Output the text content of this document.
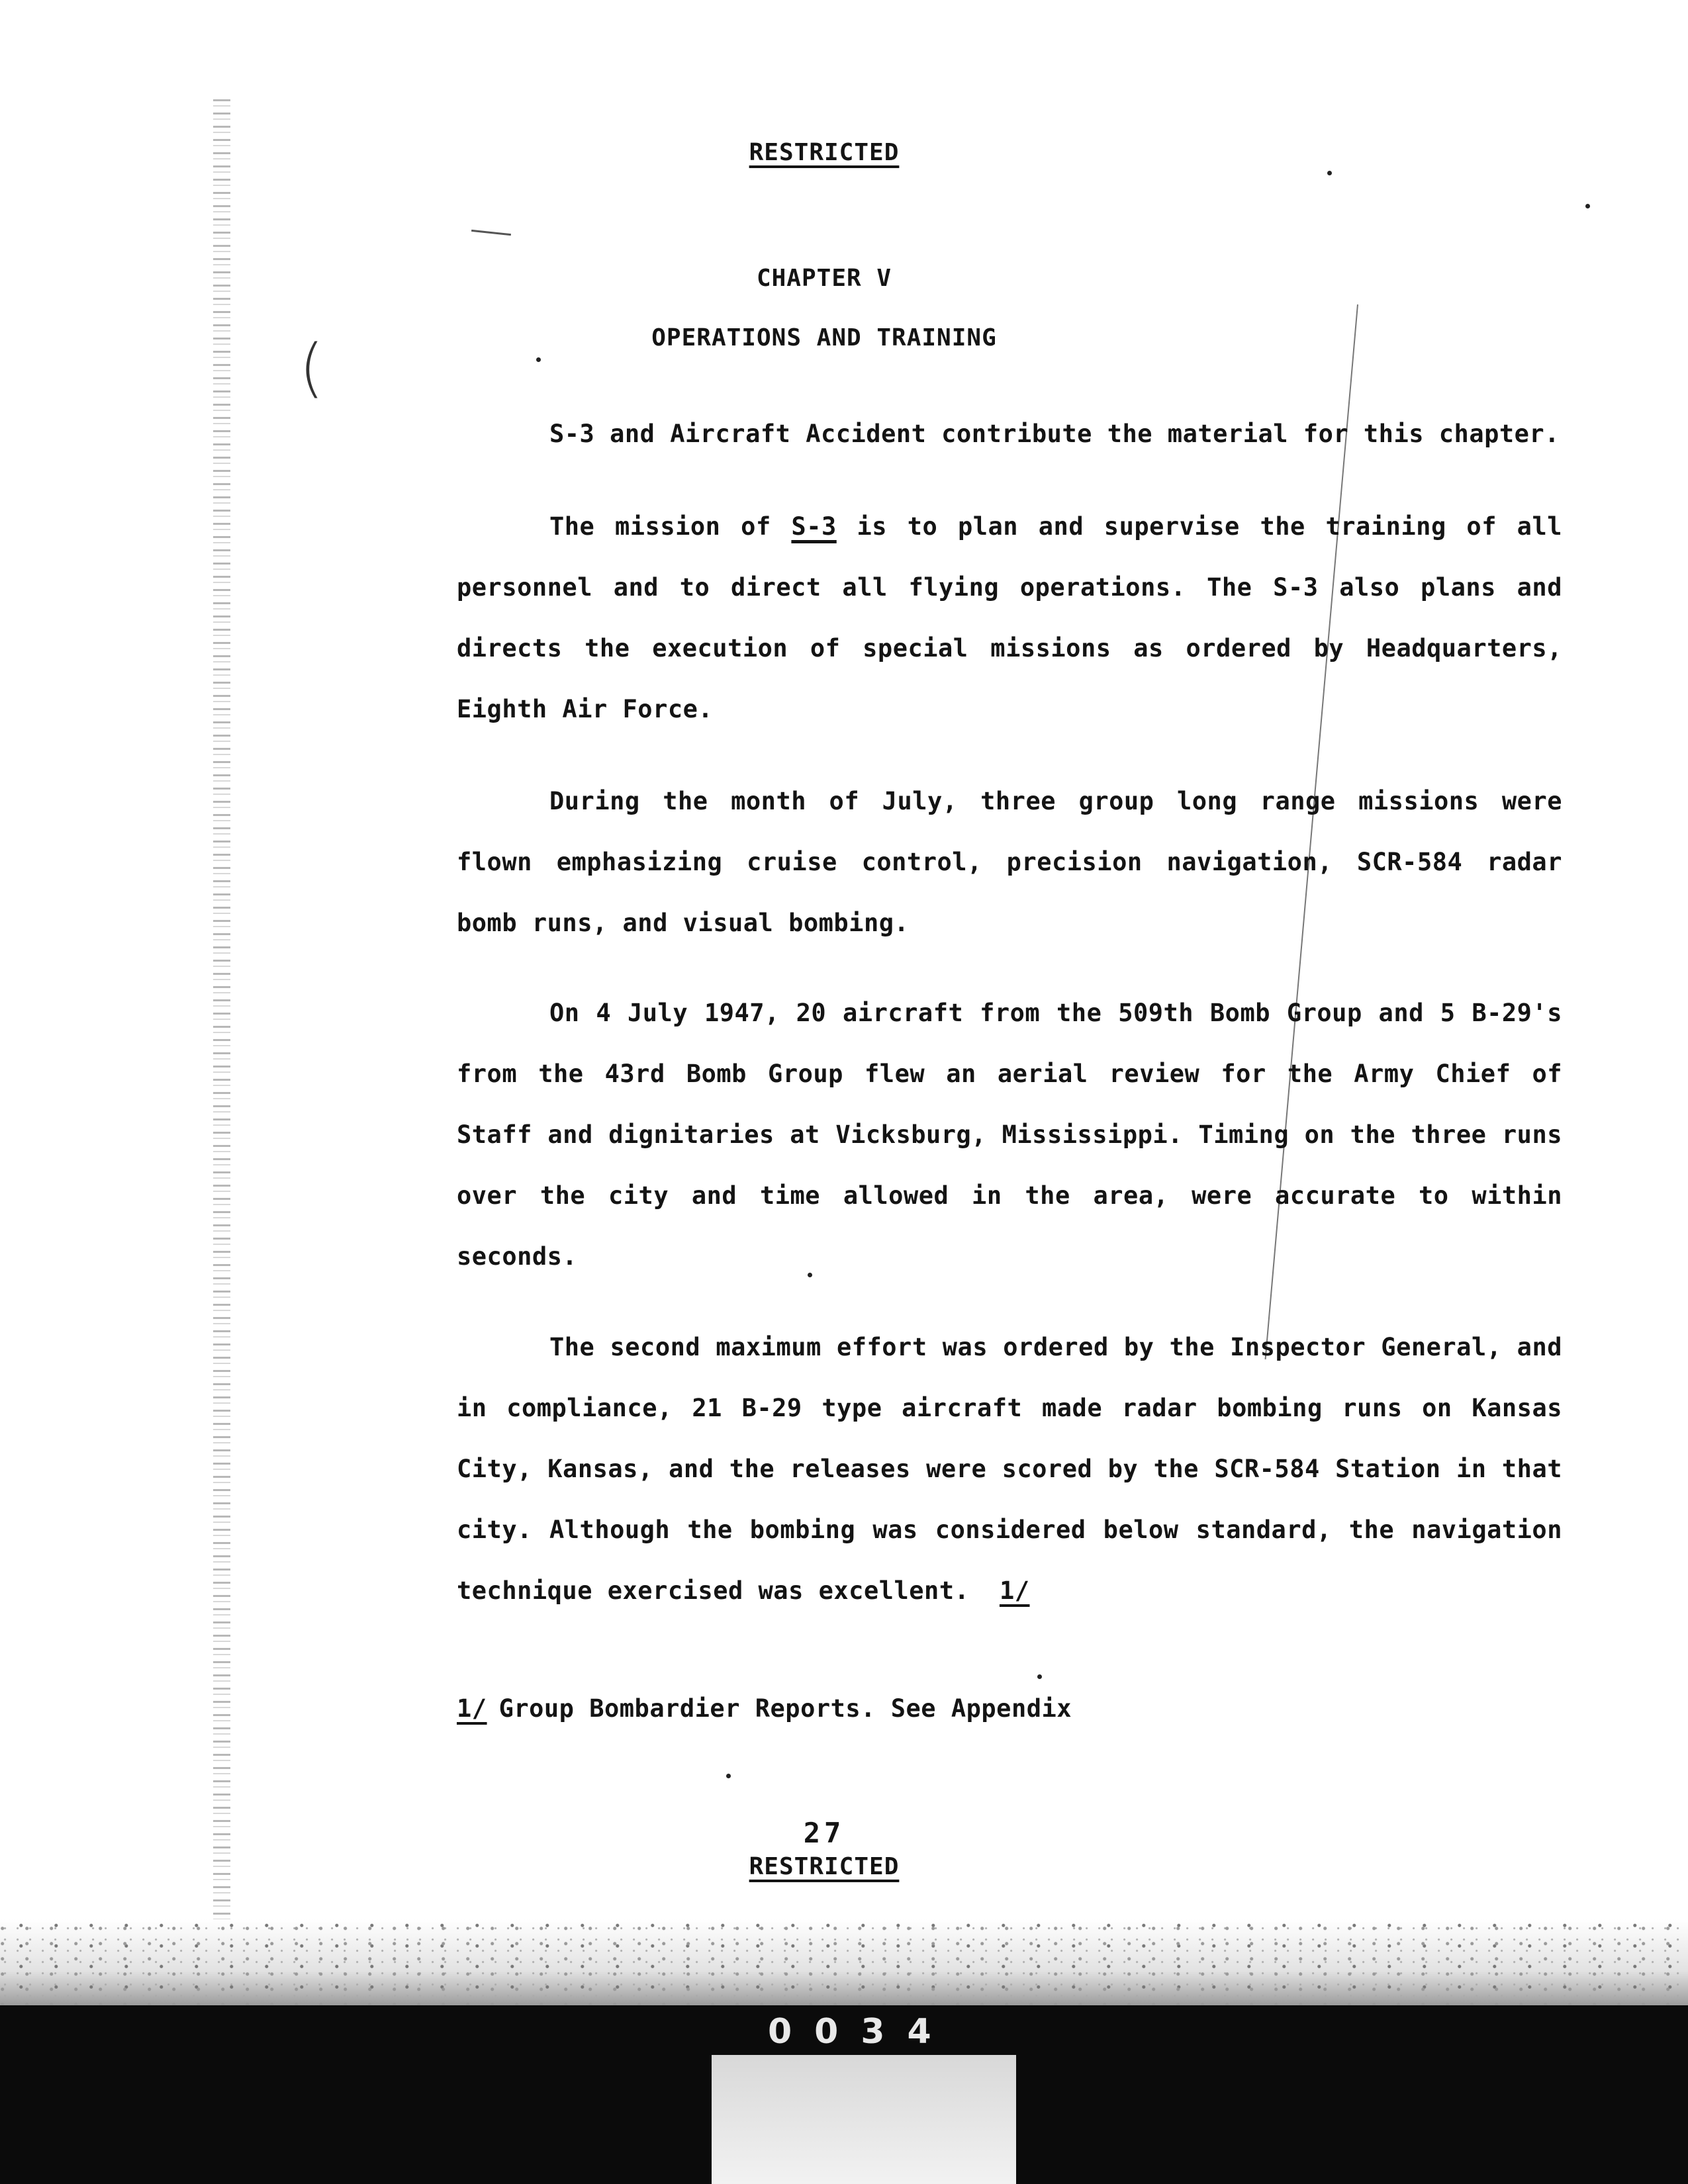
(
RESTRICTED
CHAPTER V
OPERATIONS AND TRAINING

S-3 and Aircraft Accident contribute the material for this chapter.

The mission of S-3 is to plan and supervise the training of all personnel and to direct all flying operations. The S-3 also plans and directs the execution of special missions as ordered by Headquarters, Eighth Air Force.

During the month of July, three group long range missions were flown emphasizing cruise control, precision navigation, SCR-584 radar bomb runs, and visual bombing.

On 4 July 1947, 20 aircraft from the 509th Bomb Group and 5 B-29's from the 43rd Bomb Group flew an aerial review for the Army Chief of Staff and dignitaries at Vicksburg, Mississippi. Timing on the three runs over the city and time allowed in the area, were accurate to within seconds.

The second maximum effort was ordered by the Inspector General, and in compliance, 21 B-29 type aircraft made radar bombing runs on Kansas City, Kansas, and the releases were scored by the SCR-584 Station in that city. Although the bombing was considered below standard, the navigation technique exercised was excellent. 1/

1/ Group Bombardier Reports. See Appendix
27
RESTRICTED
0034
